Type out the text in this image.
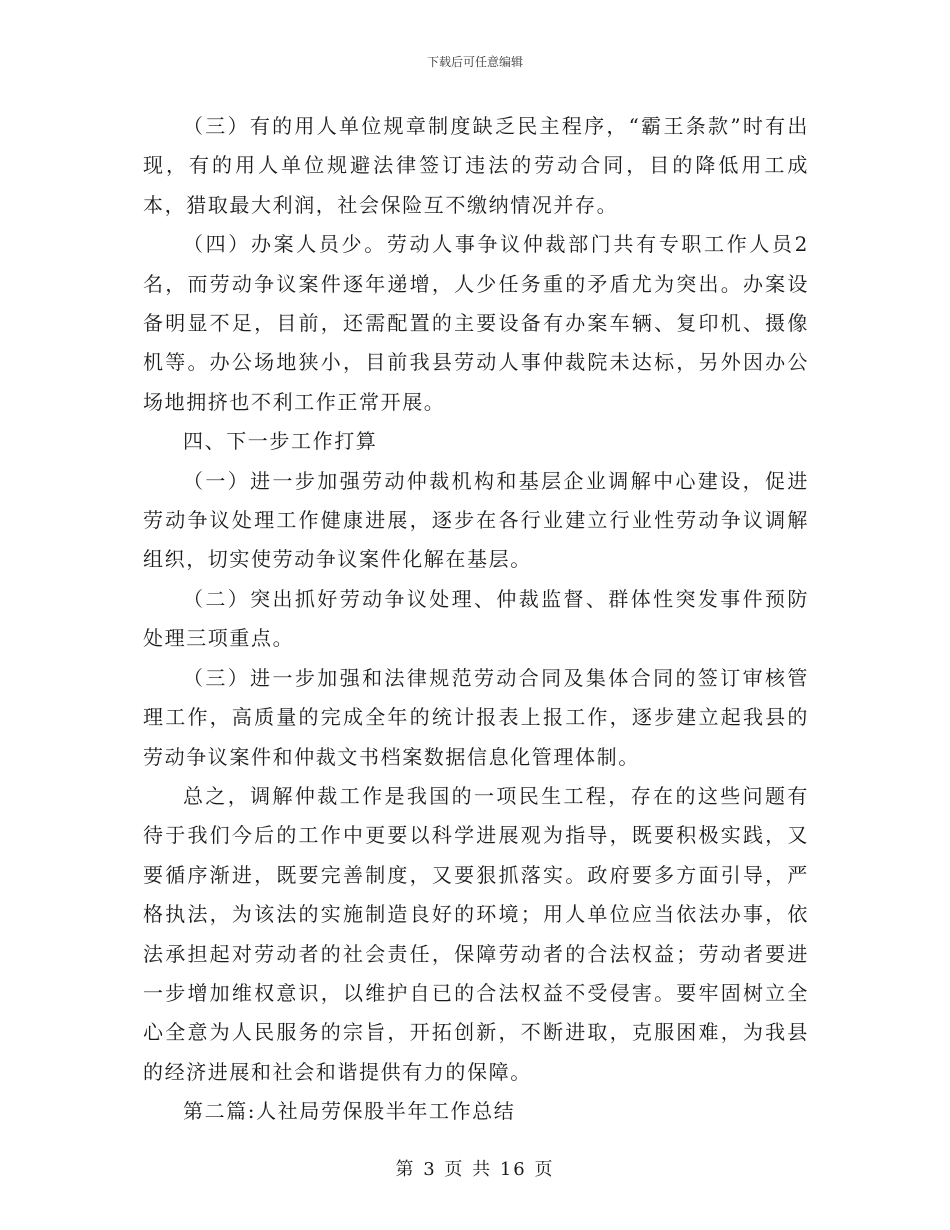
下载后可任意编辑

（三）有的用人单位规章制度缺乏民主程序，“霸王条款”时有出现，有的用人单位规避法律签订违法的劳动合同，目的降低用工成本，猎取最大利润，社会保险互不缴纳情况并存。

（四）办案人员少。劳动人事争议仲裁部门共有专职工作人员2名，而劳动争议案件逐年递增，人少任务重的矛盾尤为突出。办案设备明显不足，目前，还需配置的主要设备有办案车辆、复印机、摄像机等。办公场地狭小，目前我县劳动人事仲裁院未达标，另外因办公场地拥挤也不利工作正常开展。

四、下一步工作打算

（一）进一步加强劳动仲裁机构和基层企业调解中心建设，促进劳动争议处理工作健康进展，逐步在各行业建立行业性劳动争议调解组织，切实使劳动争议案件化解在基层。

（二）突出抓好劳动争议处理、仲裁监督、群体性突发事件预防处理三项重点。

（三）进一步加强和法律规范劳动合同及集体合同的签订审核管理工作，高质量的完成全年的统计报表上报工作，逐步建立起我县的劳动争议案件和仲裁文书档案数据信息化管理体制。

总之，调解仲裁工作是我国的一项民生工程，存在的这些问题有待于我们今后的工作中更要以科学进展观为指导，既要积极实践，又要循序渐进，既要完善制度，又要狠抓落实。政府要多方面引导，严格执法，为该法的实施制造良好的环境；用人单位应当依法办事，依法承担起对劳动者的社会责任，保障劳动者的合法权益；劳动者要进一步增加维权意识，以维护自已的合法权益不受侵害。要牢固树立全心全意为人民服务的宗旨，开拓创新，不断进取，克服困难，为我县的经济进展和社会和谐提供有力的保障。

第二篇:人社局劳保股半年工作总结

第 3 页 共 16 页
